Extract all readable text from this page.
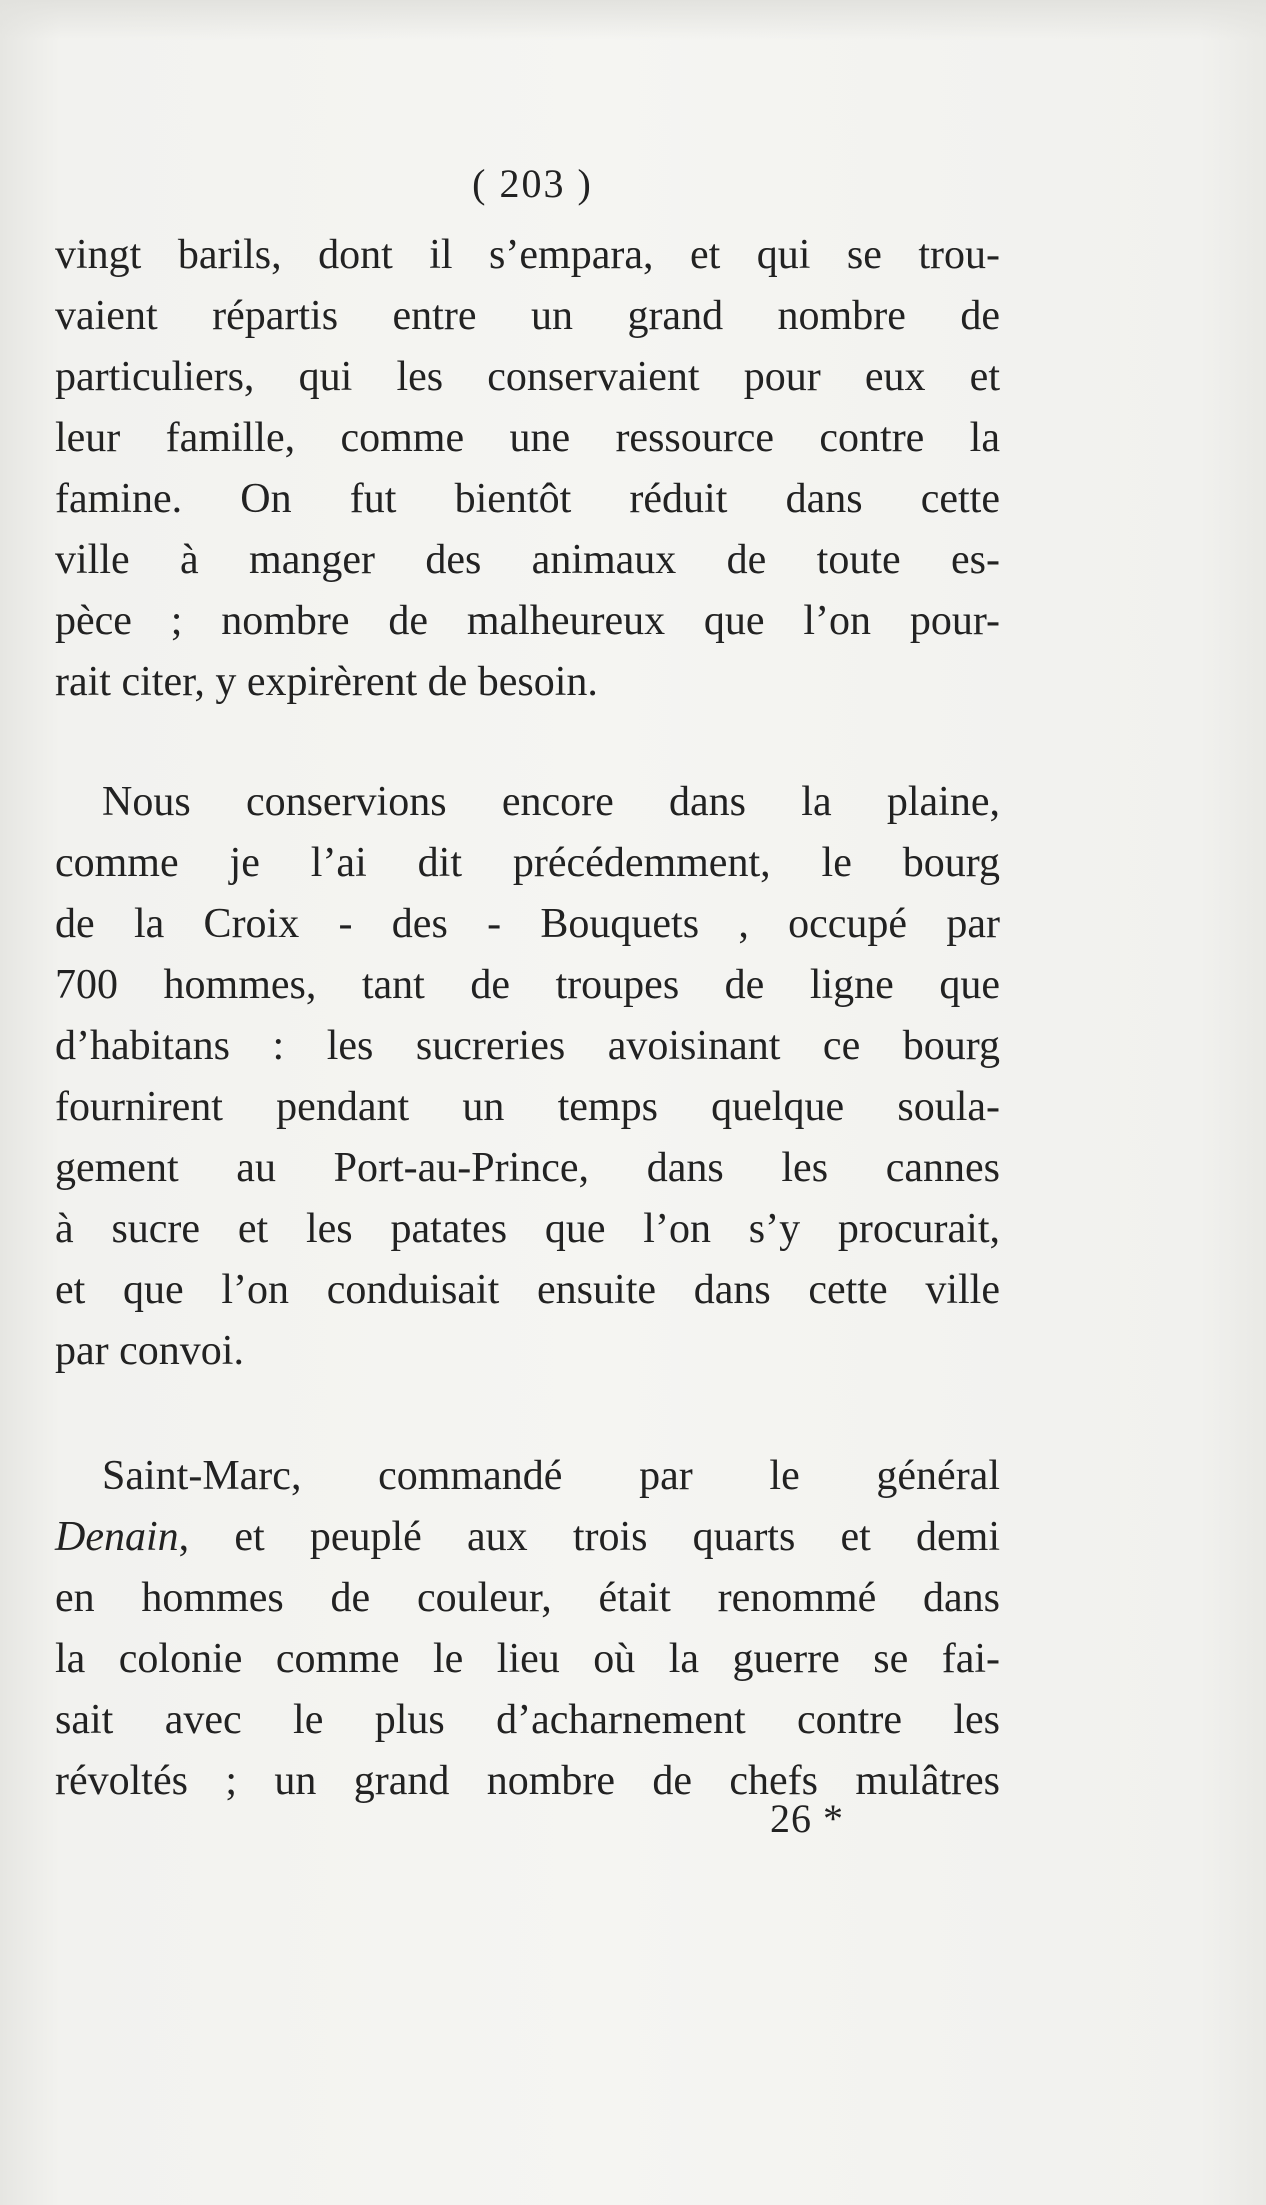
( 203 )
vingt barils, dont il s’empara, et qui se trou-
vaient répartis entre un grand nombre de
particuliers, qui les conservaient pour eux et
leur famille, comme une ressource contre la
famine. On fut bientôt réduit dans cette
ville à manger des animaux de toute es-
pèce ; nombre de malheureux que l’on pour-
rait citer, y expirèrent de besoin.
Nous conservions encore dans la plaine,
comme je l’ai dit précédemment, le bourg
de la Croix - des - Bouquets , occupé par
700 hommes, tant de troupes de ligne que
d’habitans : les sucreries avoisinant ce bourg
fournirent pendant un temps quelque soula-
gement au Port-au-Prince, dans les cannes
à sucre et les patates que l’on s’y procurait,
et que l’on conduisait ensuite dans cette ville
par convoi.
Saint-Marc, commandé par le général
Denain, et peuplé aux trois quarts et demi
en hommes de couleur, était renommé dans
la colonie comme le lieu où la guerre se fai-
sait avec le plus d’acharnement contre les
révoltés ; un grand nombre de chefs mulâtres
26 *
